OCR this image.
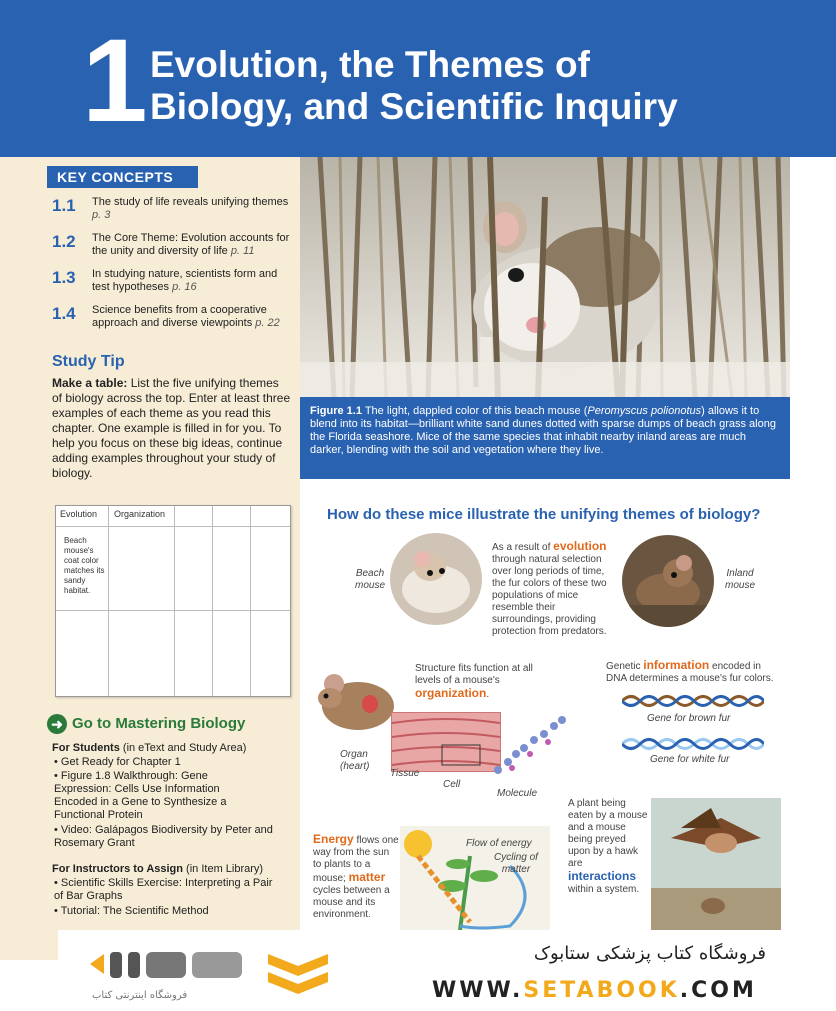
1 Evolution, the Themes of
Biology, and Scientific Inquiry
KEY CONCEPTS
1.1 The study of life reveals unifying themes p. 3
1.2 The Core Theme: Evolution accounts for the unity and diversity of life p. 11
1.3 In studying nature, scientists form and test hypotheses p. 16
1.4 Science benefits from a cooperative approach and diverse viewpoints p. 22
Study Tip
Make a table: List the five unifying themes of biology across the top. Enter at least three examples of each theme as you read this chapter. One example is filled in for you. To help you focus on these big ideas, continue adding examples throughout your study of biology.
Evolution Organization
Beach mouse's coat color matches its sandy habitat.
➜ Go to Mastering Biology
For Students (in eText and Study Area)
• Get Ready for Chapter 1
• Figure 1.8 Walkthrough: Gene Expression: Cells Use Information Encoded in a Gene to Synthesize a Functional Protein
• Video: Galápagos Biodiversity by Peter and Rosemary Grant
For Instructors to Assign (in Item Library)
• Scientific Skills Exercise: Interpreting a Pair of Bar Graphs
• Tutorial: The Scientific Method
Figure 1.1 The light, dappled color of this beach mouse (Peromyscus polionotus) allows it to blend into its habitat—brilliant white sand dunes dotted with sparse dumps of beach grass along the Florida seashore. Mice of the same species that inhabit nearby inland areas are much darker, blending with the soil and vegetation where they live.
How do these mice illustrate the unifying themes of biology?
Beach mouse
As a result of evolution through natural selection over long periods of time, the fur colors of these two populations of mice resemble their surroundings, providing protection from predators.
Inland mouse
Structure fits function at all levels of a mouse's organization.
Organ (heart)
Tissue
Cell
Molecule
Genetic information encoded in DNA determines a mouse's fur colors.
Gene for brown fur
Gene for white fur
Energy flows one way from the sun to plants to a mouse; matter cycles between a mouse and its environment.
Flow of energy
Cycling of matter
A plant being eaten by a mouse and a mouse being preyed upon by a hawk are interactions within a system.
فروشگاه اینترنتی کتاب
فروشگاه کتاب پزشکی ستابوک
WWW.SETABOOK.COM
